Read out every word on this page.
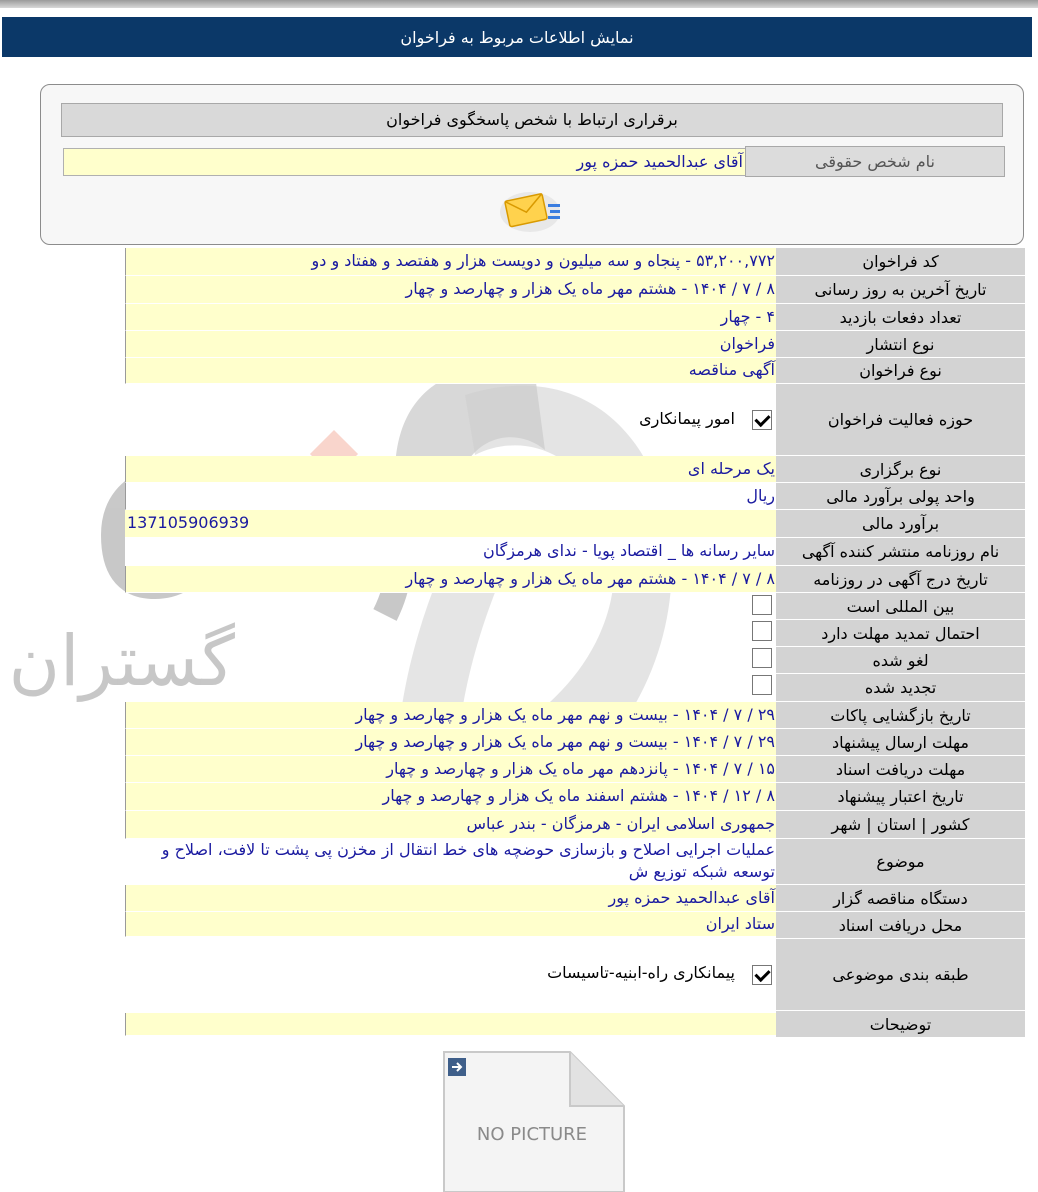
نمایش اطلاعات مربوط به فراخوان
برقراری ارتباط با شخص پاسخگوی فراخوان
نام شخص حقوقی
آقای عبدالحمید حمزه پور
گستران
کد فراخوان
۵۳,۲۰۰,۷۷۲ - پنجاه و سه میلیون و دویست هزار و هفتصد و هفتاد و دو
تاریخ آخرین به روز رسانی
۸ / ۷ / ۱۴۰۴ - هشتم مهر ماه یک هزار و چهارصد و چهار
تعداد دفعات بازدید
۴ - چهار
نوع انتشار
فراخوان
نوع فراخوان
آگهی مناقصه
حوزه فعالیت فراخوان
امور پیمانکاری
نوع برگزاری
یک مرحله ای
واحد پولی برآورد مالی
ریال
برآورد مالی
137105906939
نام روزنامه منتشر کننده آگهی
سایر رسانه ها _ اقتصاد پویا - ندای هرمزگان
تاریخ درج آگهی در روزنامه
۸ / ۷ / ۱۴۰۴ - هشتم مهر ماه یک هزار و چهارصد و چهار
بین المللی است
احتمال تمدید مهلت دارد
لغو شده
تجدید شده
تاریخ بازگشایی پاکات
۲۹ / ۷ / ۱۴۰۴ - بیست و نهم مهر ماه یک هزار و چهارصد و چهار
مهلت ارسال پیشنهاد
۲۹ / ۷ / ۱۴۰۴ - بیست و نهم مهر ماه یک هزار و چهارصد و چهار
مهلت دریافت اسناد
۱۵ / ۷ / ۱۴۰۴ - پانزدهم مهر ماه یک هزار و چهارصد و چهار
تاریخ اعتبار پیشنهاد
۸ / ۱۲ / ۱۴۰۴ - هشتم اسفند ماه یک هزار و چهارصد و چهار
کشور | استان | شهر
جمهوری اسلامی ایران - هرمزگان - بندر عباس
موضوع
عملیات اجرایی اصلاح و بازسازی حوضچه های خط انتقال از مخزن پی پشت تا لافت، اصلاح و توسعه شبکه توزیع ش
دستگاه مناقصه گزار
آقای عبدالحمید حمزه پور
محل دریافت اسناد
ستاد ایران
طبقه بندی موضوعی
پیمانکاری راه-ابنیه-تاسیسات
توضیحات
NO PICTURE
